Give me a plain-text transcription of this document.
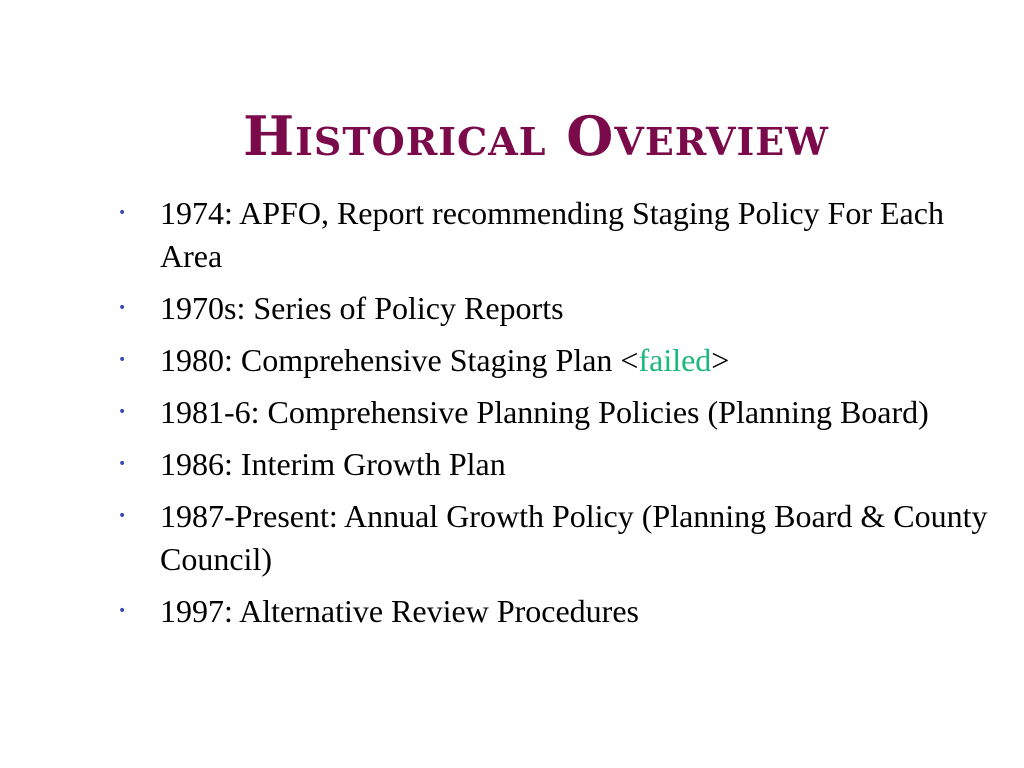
Historical Overview
• 1974: APFO, Report recommending Staging Policy For Each Area
• 1970s: Series of Policy Reports
• 1980: Comprehensive Staging Plan <failed>
• 1981-6: Comprehensive Planning Policies (Planning Board)
• 1986: Interim Growth Plan
• 1987-Present: Annual Growth Policy (Planning Board & County Council)
• 1997: Alternative Review Procedures
